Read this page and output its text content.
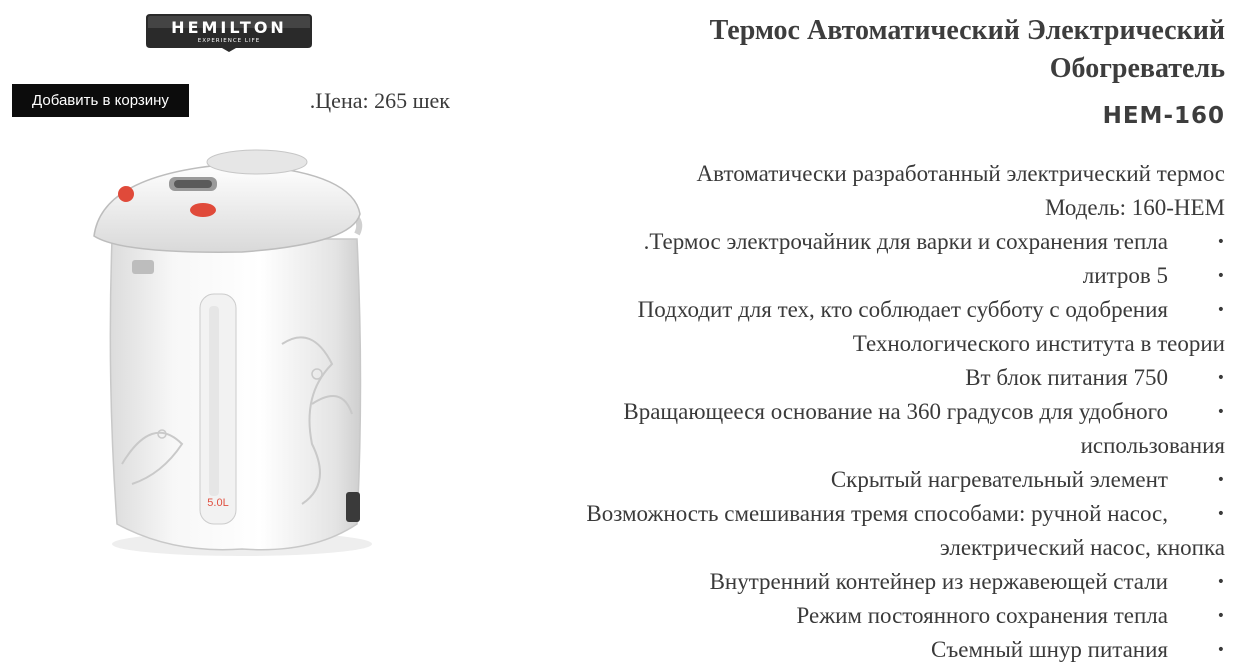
HEMILTON
EXPERIENCE LIFE
Добавить в корзину	.Цена: 265 шек
5.0L
Термос Автоматический Электрический
Обогреватель
HEM-160
Автоматически разработанный электрический термос
Модель: 160-HEM
.Термос электрочайник для варки и сохранения тепла	•
литров 5	•
Подходит для тех, кто соблюдает субботу с одобрения	•
Технологического института в теории
Вт блок питания 750	•
Вращающееся основание на 360 градусов для удобного	•
использования
Скрытый нагревательный элемент	•
Возможность смешивания тремя способами: ручной насос,	•
электрический насос, кнопка
Внутренний контейнер из нержавеющей стали	•
Режим постоянного сохранения тепла	•
Съемный шнур питания	•
